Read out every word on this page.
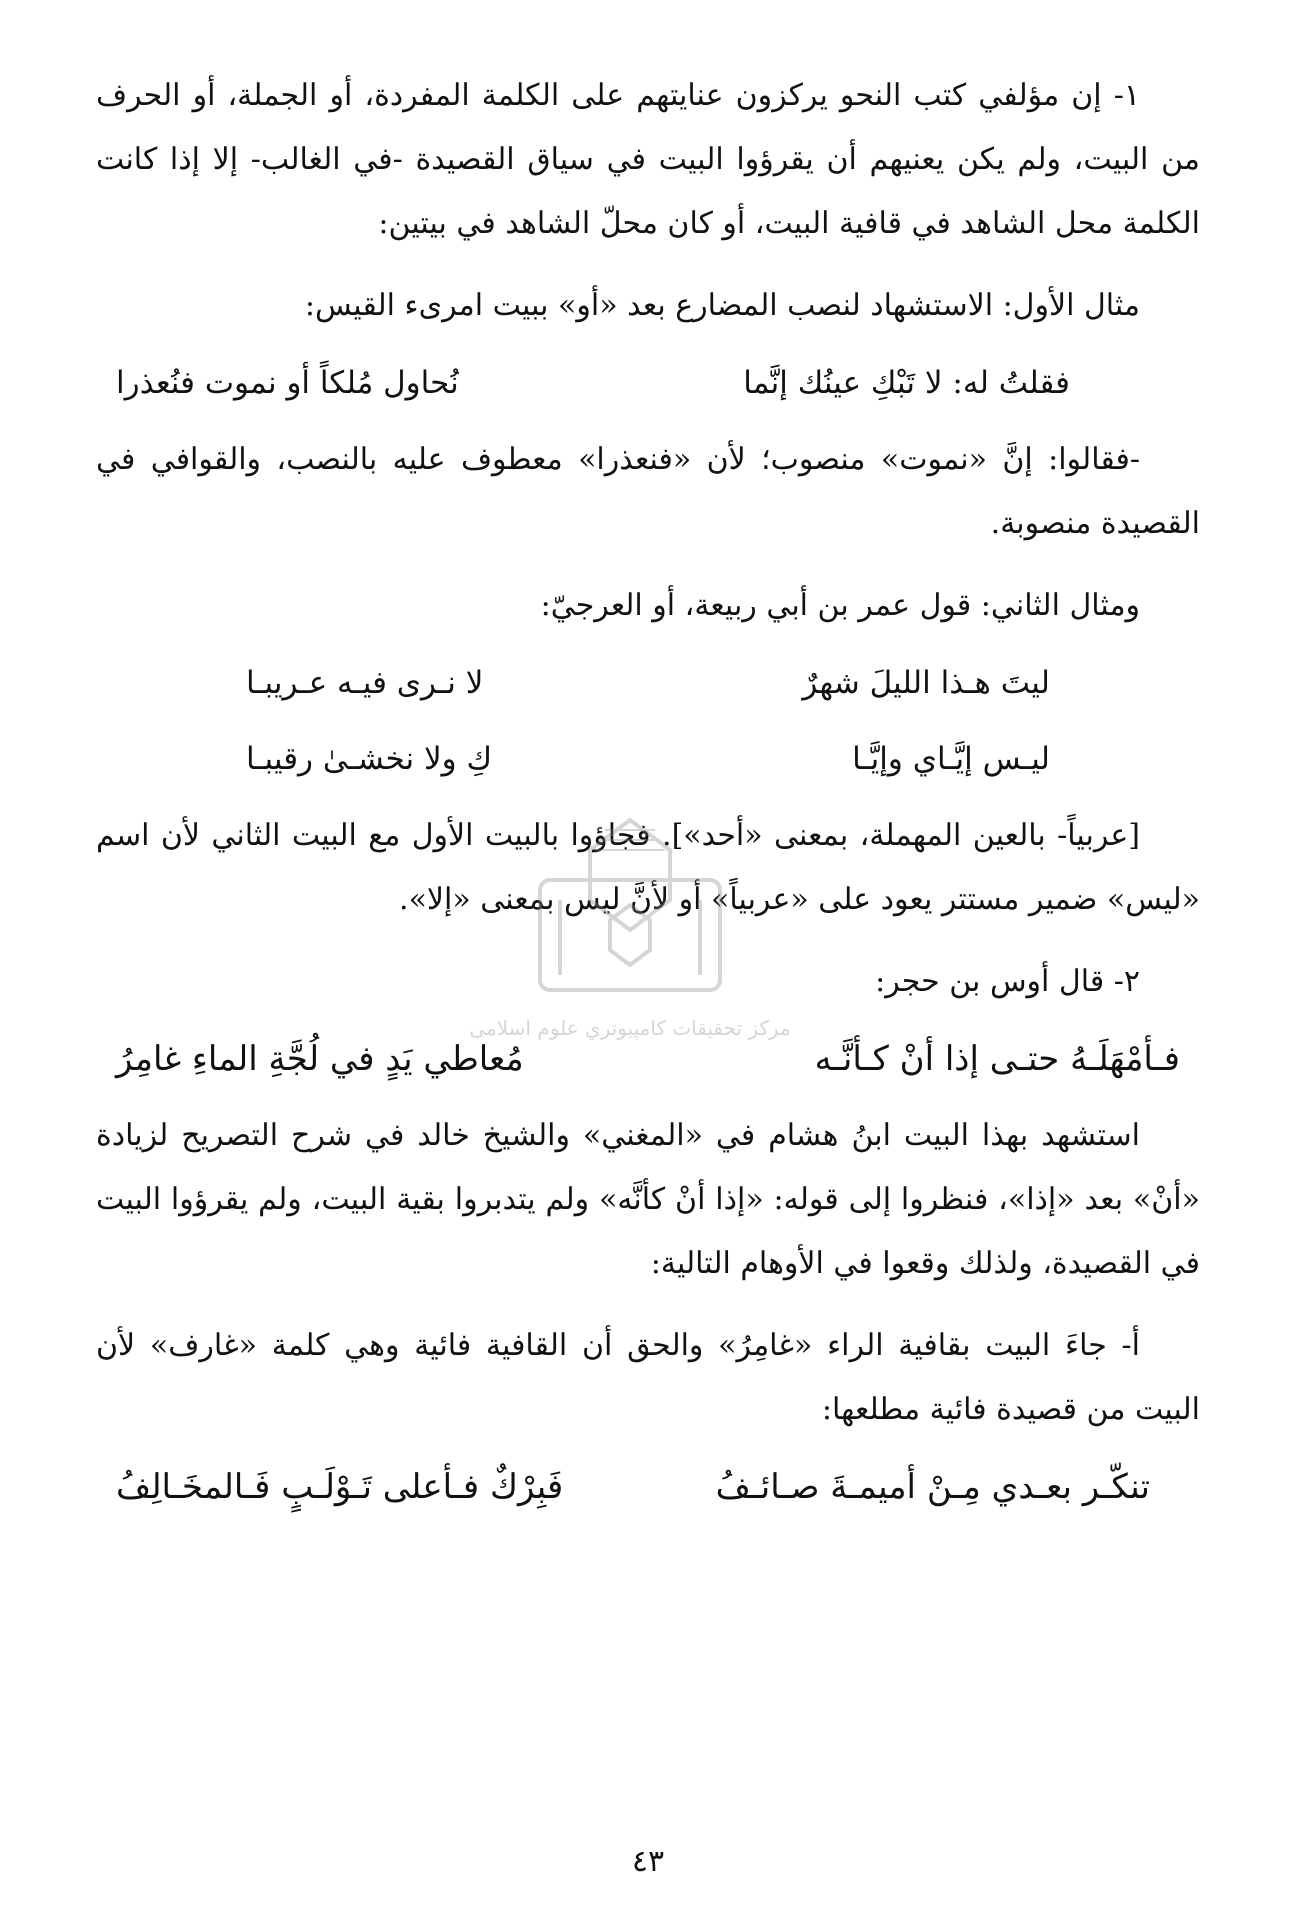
١- إن مؤلفي كتب النحو يركزون عنايتهم على الكلمة المفردة، أو الجملة، أو الحرف من البيت، ولم يكن يعنيهم أن يقرؤوا البيت في سياق القصيدة -في الغالب- إلا إذا كانت الكلمة محل الشاهد في قافية البيت، أو كان محلّ الشاهد في بيتين:

مثال الأول: الاستشهاد لنصب المضارع بعد «أو» ببيت امرىء القيس:

فقلتُ له: لا تَبْكِ عينُك إنَّما
نُحاول مُلكاً أو نموت فنُعذرا

-فقالوا: إنَّ «نموت» منصوب؛ لأن «فنعذرا» معطوف عليه بالنصب، والقوافي في القصيدة منصوبة.

ومثال الثاني: قول عمر بن أبي ربيعة، أو العرجيّ:

ليتَ هـذا الليلَ شهرٌ
لا نـرى فيـه عـريبـا
ليـس إيَّـاي وإيَّـا
كِ ولا نخشـىٰ رقيبـا

[عربياً- بالعين المهملة، بمعنى «أحد»]. فجاؤوا بالبيت الأول مع البيت الثاني لأن اسم «ليس» ضمير مستتر يعود على «عربياً» أو لأنَّ ليس بمعنى «إلا».

٢- قال أوس بن حجر:

فـأمْهَلَـهُ حتـى إذا أنْ كـأنَّـه
مُعاطي يَدٍ في لُجَّةِ الماءِ غامِرُ

استشهد بهذا البيت ابنُ هشام في «المغني» والشيخ خالد في شرح التصريح لزيادة «أنْ» بعد «إذا»، فنظروا إلى قوله: «إذا أنْ كأنَّه» ولم يتدبروا بقية البيت، ولم يقرؤوا البيت في القصيدة، ولذلك وقعوا في الأوهام التالية:

أ- جاءَ البيت بقافية الراء «غامِرُ» والحق أن القافية فائية وهي كلمة «غارف» لأن البيت من قصيدة فائية مطلعها:

تنكّـر بعـدي مِـنْ أميمـةَ صـائـفُ
فَبِرْكٌ فـأعلى تَـوْلَـبٍ فَـالمخَـالِفُ
٤٣
مركز تحقيقات كامپيوتري علوم اسلامى
